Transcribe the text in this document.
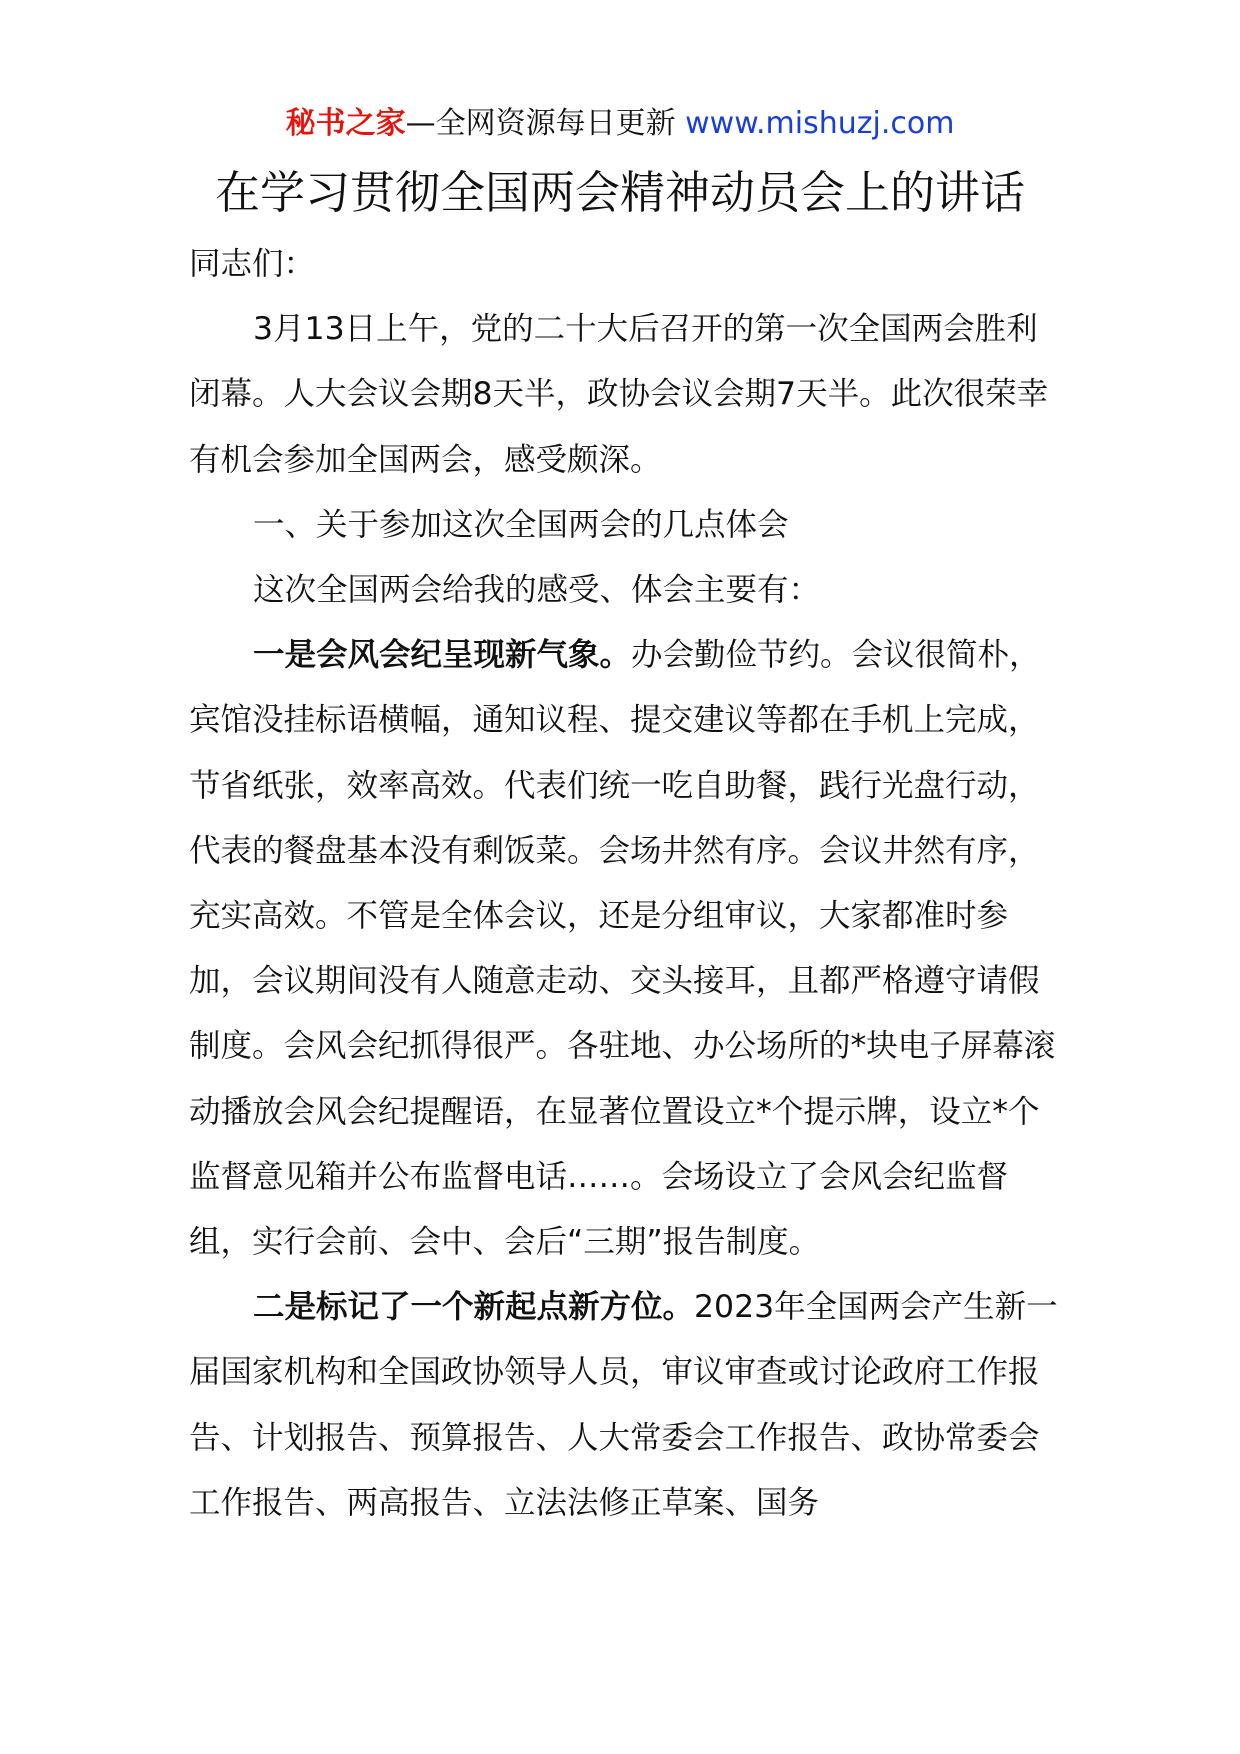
秘书之家—全网资源每日更新 www.mishuzj.com
在学习贯彻全国两会精神动员会上的讲话

同志们：

3月13日上午，党的二十大后召开的第一次全国两会胜利闭幕。人大会议会期8天半，政协会议会期7天半。此次很荣幸有机会参加全国两会，感受颇深。

一、关于参加这次全国两会的几点体会

这次全国两会给我的感受、体会主要有：

一是会风会纪呈现新气象。办会勤俭节约。会议很简朴，宾馆没挂标语横幅，通知议程、提交建议等都在手机上完成，节省纸张，效率高效。代表们统一吃自助餐，践行光盘行动，代表的餐盘基本没有剩饭菜。会场井然有序。会议井然有序，充实高效。不管是全体会议，还是分组审议，大家都准时参加，会议期间没有人随意走动、交头接耳，且都严格遵守请假制度。会风会纪抓得很严。各驻地、办公场所的*块电子屏幕滚动播放会风会纪提醒语，在显著位置设立*个提示牌，设立*个监督意见箱并公布监督电话……。会场设立了会风会纪监督组，实行会前、会中、会后“三期”报告制度。

二是标记了一个新起点新方位。2023年全国两会产生新一届国家机构和全国政协领导人员，审议审查或讨论政府工作报告、计划报告、预算报告、人大常委会工作报告、政协常委会工作报告、两高报告、立法法修正草案、国务
